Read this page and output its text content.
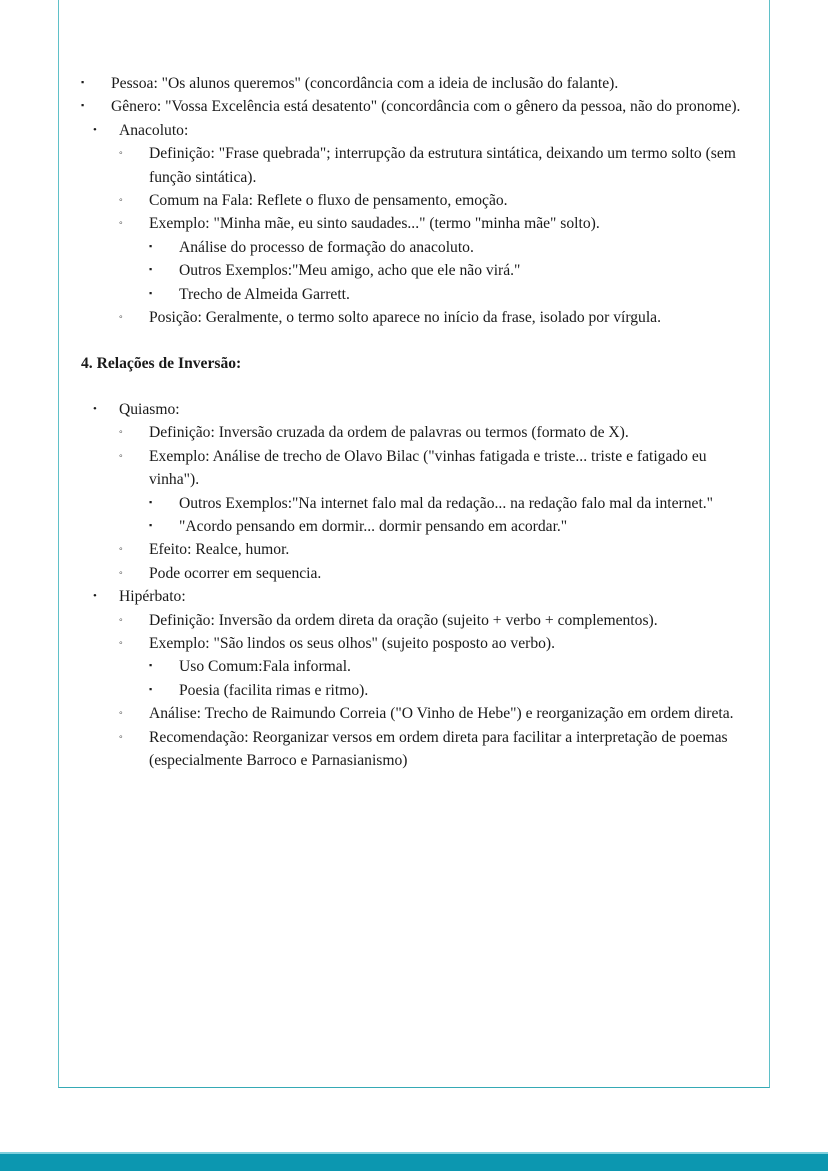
▪	Pessoa: "Os alunos queremos" (concordância com a ideia de inclusão do falante).
▪	Gênero: "Vossa Excelência está desatento" (concordância com o gênero da pessoa, não do pronome).
•	Anacoluto:
◦	Definição: "Frase quebrada"; interrupção da estrutura sintática, deixando um termo solto (sem função sintática).
◦	Comum na Fala: Reflete o fluxo de pensamento, emoção.
◦	Exemplo: "Minha mãe, eu sinto saudades..." (termo "minha mãe" solto).
▪	Análise do processo de formação do anacoluto.
▪	Outros Exemplos:"Meu amigo, acho que ele não virá."
▪	Trecho de Almeida Garrett.
◦	Posição: Geralmente, o termo solto aparece no início da frase, isolado por vírgula.
4. Relações de Inversão:
•	Quiasmo:
◦	Definição: Inversão cruzada da ordem de palavras ou termos (formato de X).
◦	Exemplo: Análise de trecho de Olavo Bilac ("vinhas fatigada e triste... triste e fatigado eu vinha").
▪	Outros Exemplos:"Na internet falo mal da redação... na redação falo mal da internet."
▪	"Acordo pensando em dormir... dormir pensando em acordar."
◦	Efeito: Realce, humor.
◦	Pode ocorrer em sequencia.
•	Hipérbato:
◦	Definição: Inversão da ordem direta da oração (sujeito + verbo + complementos).
◦	Exemplo: "São lindos os seus olhos" (sujeito posposto ao verbo).
▪	Uso Comum:Fala informal.
▪	Poesia (facilita rimas e ritmo).
◦	Análise: Trecho de Raimundo Correia ("O Vinho de Hebe") e reorganização em ordem direta.
◦	Recomendação: Reorganizar versos em ordem direta para facilitar a interpretação de poemas (especialmente Barroco e Parnasianismo)
